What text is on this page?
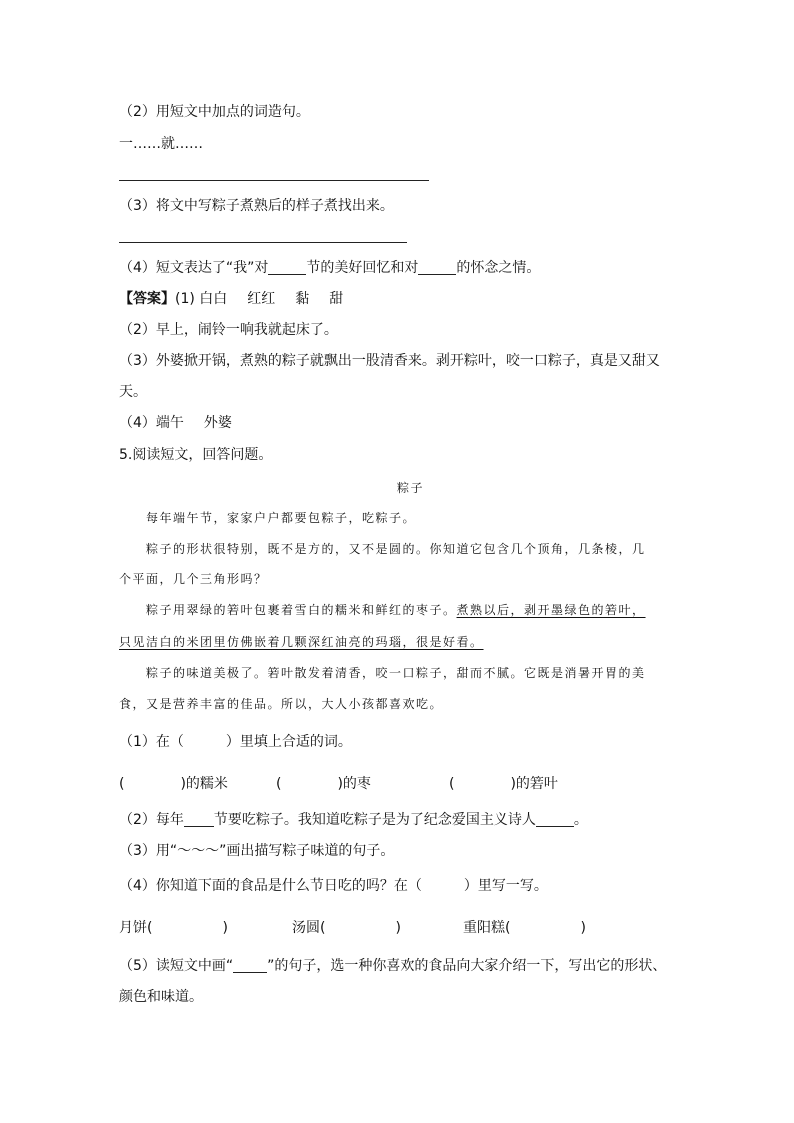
（2）用短文中加点的词造句。
一……就……
（3）将文中写粽子煮熟后的样子煮找出来。
（4）短文表达了“我”对	节的美好回忆和对	的怀念之情。
【答案】(1) 白白 红红 黏 甜
（2）早上，闹铃一响我就起床了。
（3）外婆掀开锅，煮熟的粽子就飘出一股清香来。剥开粽叶，咬一口粽子，真是又甜又
天。
（4）端午 外婆
5.阅读短文，回答问题。
粽子
每年端午节，家家户户都要包粽子，吃粽子。
粽子的形状很特别，既不是方的，又不是圆的。你知道它包含几个顶角，几条棱，几
个平面，几个三角形吗？
粽子用翠绿的箬叶包裹着雪白的糯米和鲜红的枣子。煮熟以后，剥开墨绿色的箬叶，
只见洁白的米团里仿佛嵌着几颗深红油亮的玛瑙，很是好看。
粽子的味道美极了。箬叶散发着清香，咬一口粽子，甜而不腻。它既是消暑开胃的美
食，又是营养丰富的佳品。所以，大人小孩都喜欢吃。
（1）在（　　　）里填上合适的词。
(　　　　)的糯米	(　　　　)的枣	(　　　　)的箬叶
（2）每年 节要吃粽子。我知道吃粽子是为了纪念爱国主义诗人	。
（3）用“～～～”画出描写粽子味道的句子。
（4）你知道下面的食品是什么节日吃的吗？在（　　　）里写一写。
月饼(　　　　　)	汤圆(　　　　　)	重阳糕(　　　　　)
（5）读短文中画“ ”的句子，选一种你喜欢的食品向大家介绍一下，写出它的形状、
颜色和味道。
